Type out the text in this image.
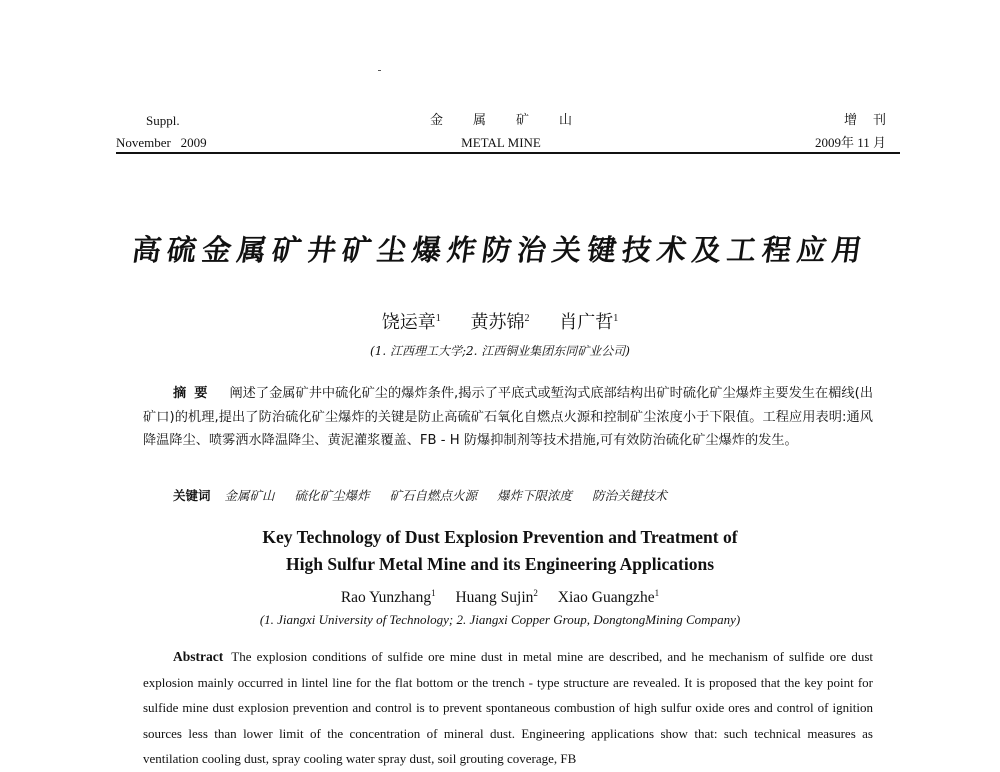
Suppl.
November   2009
金属矿山
METAL MINE
增刊
2009年 11 月
高硫金属矿井矿尘爆炸防治关键技术及工程应用
饶运章$^1$ 黄苏锦$^2$ 肖广哲$^1$
(1. 江西理工大学;2. 江西铜业集团东同矿业公司)
摘要 阐述了金属矿井中硫化矿尘的爆炸条件,揭示了平底式或堑沟式底部结构出矿时硫化矿尘爆炸主要发生在楣线(出矿口)的机理,提出了防治硫化矿尘爆炸的关键是防止高硫矿石氧化自燃点火源和控制矿尘浓度小于下限值。工程应用表明:通风降温降尘、喷雾洒水降温降尘、黄泥灌浆覆盖、FB - H 防爆抑制剂等技术措施,可有效防治硫化矿尘爆炸的发生。
关键词 金属矿山 硫化矿尘爆炸 矿石自燃点火源 爆炸下限浓度 防治关键技术
Key Technology of Dust Explosion Prevention and Treatment of
High Sulfur Metal Mine and its Engineering Applications
Rao Yunzhang$^1$ Huang Sujin$^2$ Xiao Guangzhe$^1$
(1. Jiangxi University of Technology; 2. Jiangxi Copper Group, DongtongMining Company)
Abstract The explosion conditions of sulfide ore mine dust in metal mine are described, and he mechanism of sulfide ore dust explosion mainly occurred in lintel line for the flat bottom or the trench - type structure are revealed. It is proposed that the key point for sulfide mine dust explosion prevention and control is to prevent spontaneous combustion of high sulfur oxide ores and control of ignition sources less than lower limit of the concentration of mineral dust. Engineering applications show that: such technical measures as ventilation cooling dust, spray cooling water spray dust, soil grouting coverage, FB
